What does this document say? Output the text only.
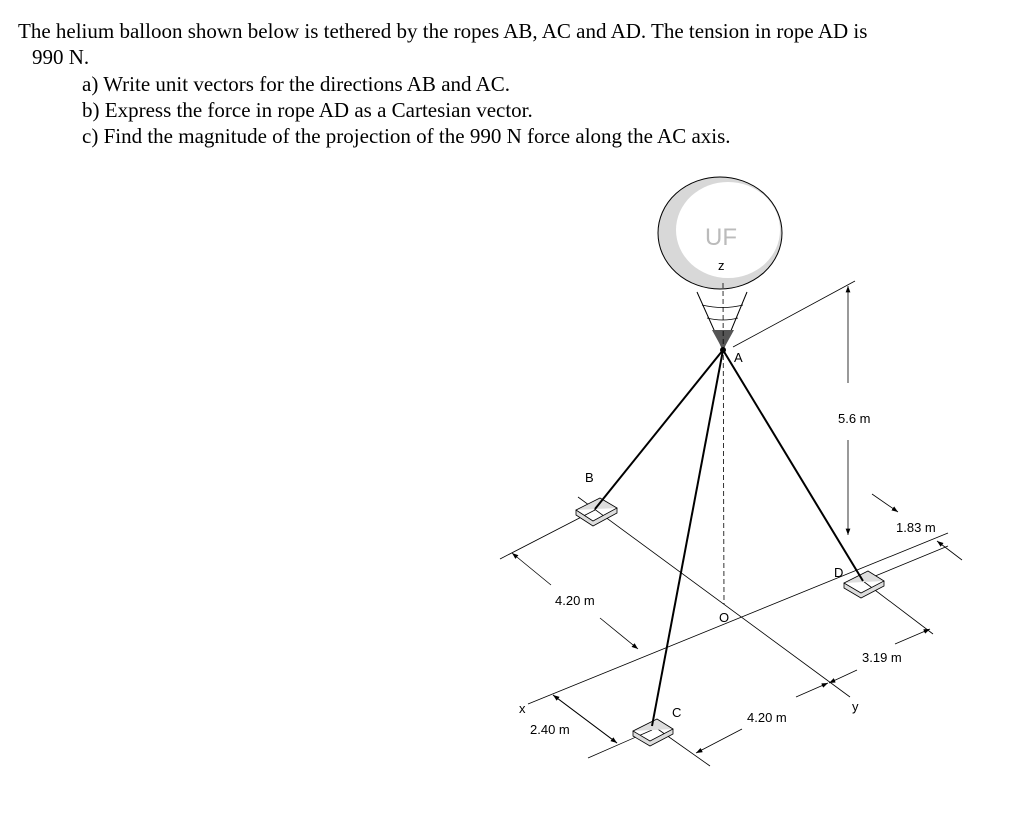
The helium balloon shown below is tethered by the ropes AB, AC and AD. The tension in rope AD is
990 N.
a) Write unit vectors for the directions AB and AC.
b) Express the force in rope AD as a Cartesian vector.
c) Find the magnitude of the projection of the 990 N force along the AC axis.
UF
z
x	y
A
B
C
D
O
5.6 m
1.83 m
3.19 m
4.20 m
2.40 m
4.20 m
